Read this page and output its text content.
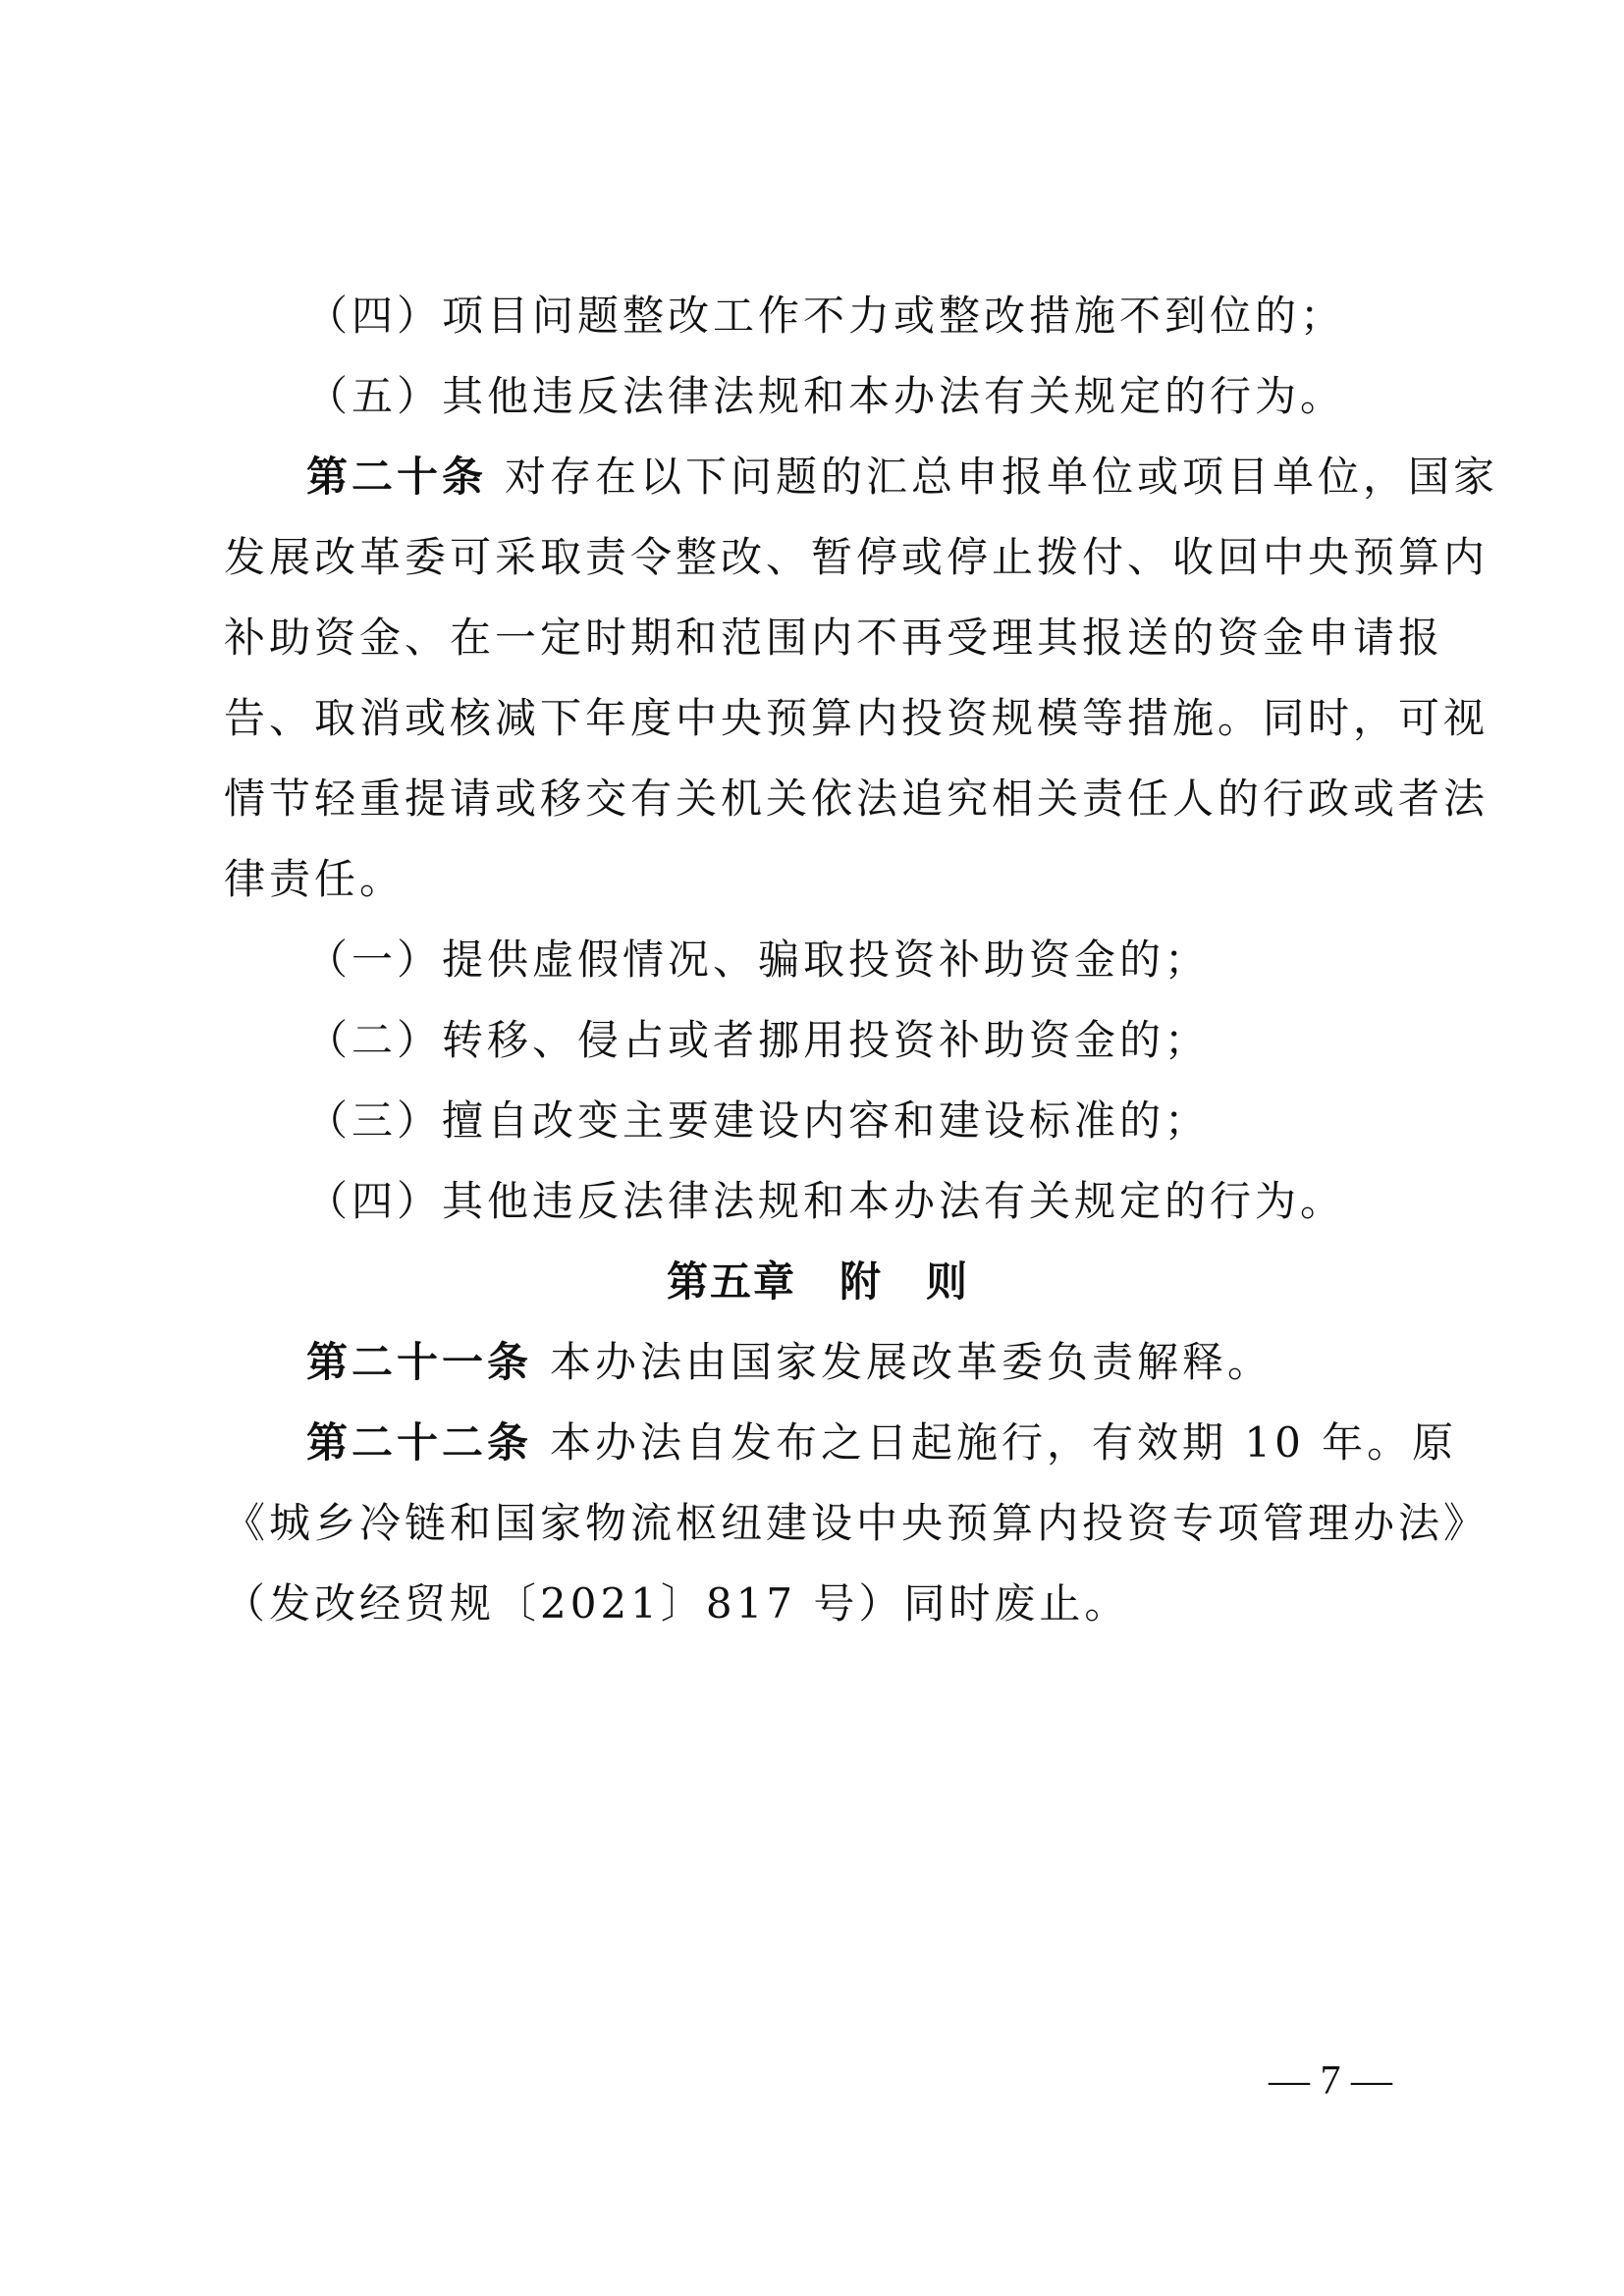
（四）项目问题整改工作不力或整改措施不到位的；
（五）其他违反法律法规和本办法有关规定的行为。
第二十条 对存在以下问题的汇总申报单位或项目单位，国家
发展改革委可采取责令整改、暂停或停止拨付、收回中央预算内
补助资金、在一定时期和范围内不再受理其报送的资金申请报
告、取消或核减下年度中央预算内投资规模等措施。同时，可视
情节轻重提请或移交有关机关依法追究相关责任人的行政或者法
律责任。
（一）提供虚假情况、骗取投资补助资金的；
（二）转移、侵占或者挪用投资补助资金的；
（三）擅自改变主要建设内容和建设标准的；
（四）其他违反法律法规和本办法有关规定的行为。
第五章　附　则
第二十一条 本办法由国家发展改革委负责解释。
第二十二条 本办法自发布之日起施行，有效期 10 年。原
《城乡冷链和国家物流枢纽建设中央预算内投资专项管理办法》
（发改经贸规〔2021〕817 号）同时废止。
— 7 —
